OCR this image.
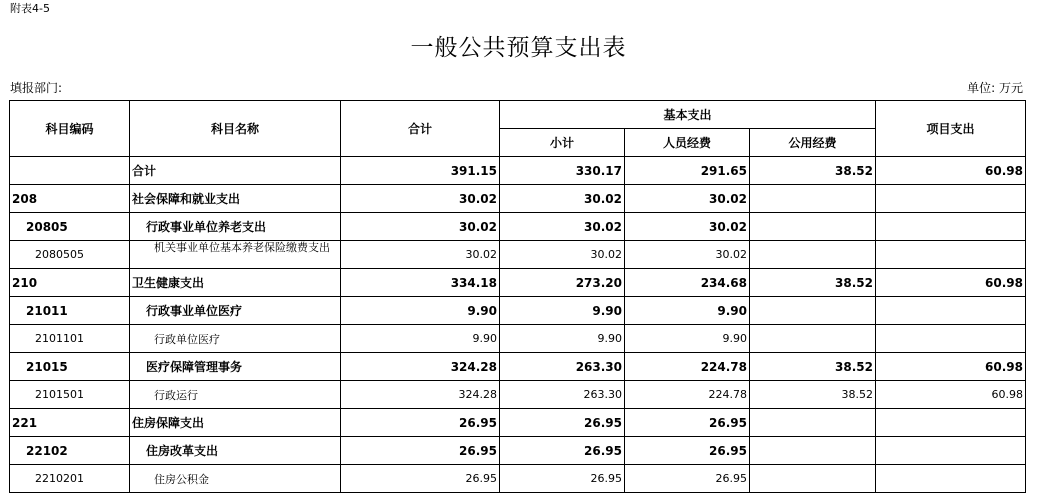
附表4-5
一般公共预算支出表
填报部门:	单位: 万元
科目编码	科目名称	合计	基本支出			项目支出
			小计	人员经费	公用经费	
	合计	391.15	330.17	291.65	38.52	60.98
208	社会保障和就业支出	30.02	30.02	30.02		
20805	行政事业单位养老支出	30.02	30.02	30.02		
2080505	机关事业单位基本养老保险缴费支出	30.02	30.02	30.02		
210	卫生健康支出	334.18	273.20	234.68	38.52	60.98
21011	行政事业单位医疗	9.90	9.90	9.90		
2101101	行政单位医疗	9.90	9.90	9.90		
21015	医疗保障管理事务	324.28	263.30	224.78	38.52	60.98
2101501	行政运行	324.28	263.30	224.78	38.52	60.98
221	住房保障支出	26.95	26.95	26.95		
22102	住房改革支出	26.95	26.95	26.95		
2210201	住房公积金	26.95	26.95	26.95		
